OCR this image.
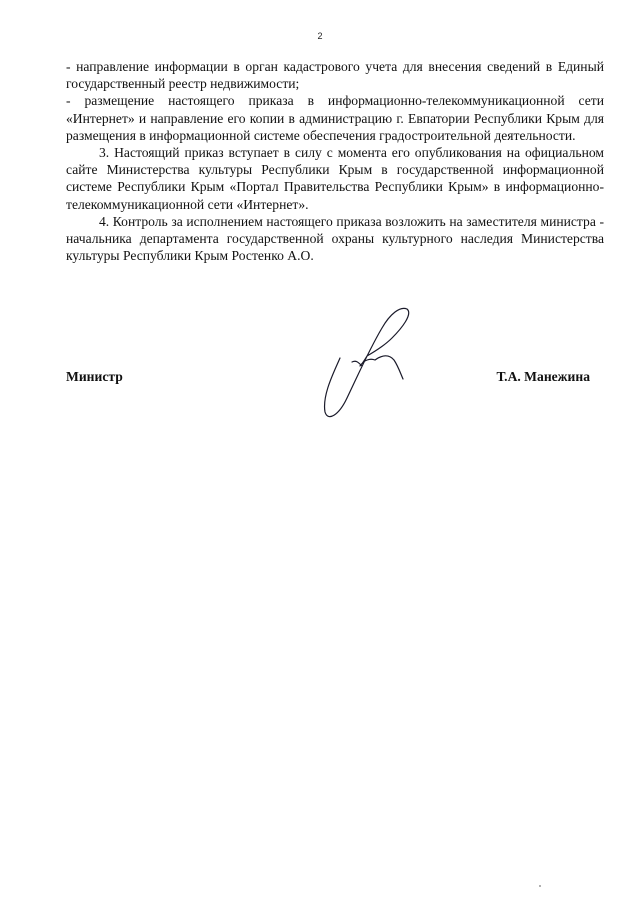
2

- направление информации в орган кадастрового учета для внесения сведений в Единый государственный реестр недвижимости;

- размещение настоящего приказа в информационно-телекоммуникационной сети «Интернет» и направление его копии в администрацию г. Евпатории Республики Крым для размещения в информационной системе обеспечения градостроительной деятельности.

3. Настоящий приказ вступает в силу с момента его опубликования на официальном сайте Министерства культуры Республики Крым в государственной информационной системе Республики Крым «Портал Правительства Республики Крым» в информационно-телекоммуникационной сети «Интернет».

4. Контроль за исполнением настоящего приказа возложить на заместителя министра - начальника департамента государственной охраны культурного наследия Министерства культуры Республики Крым Ростенко А.О.

Министр	Т.А. Манежина
